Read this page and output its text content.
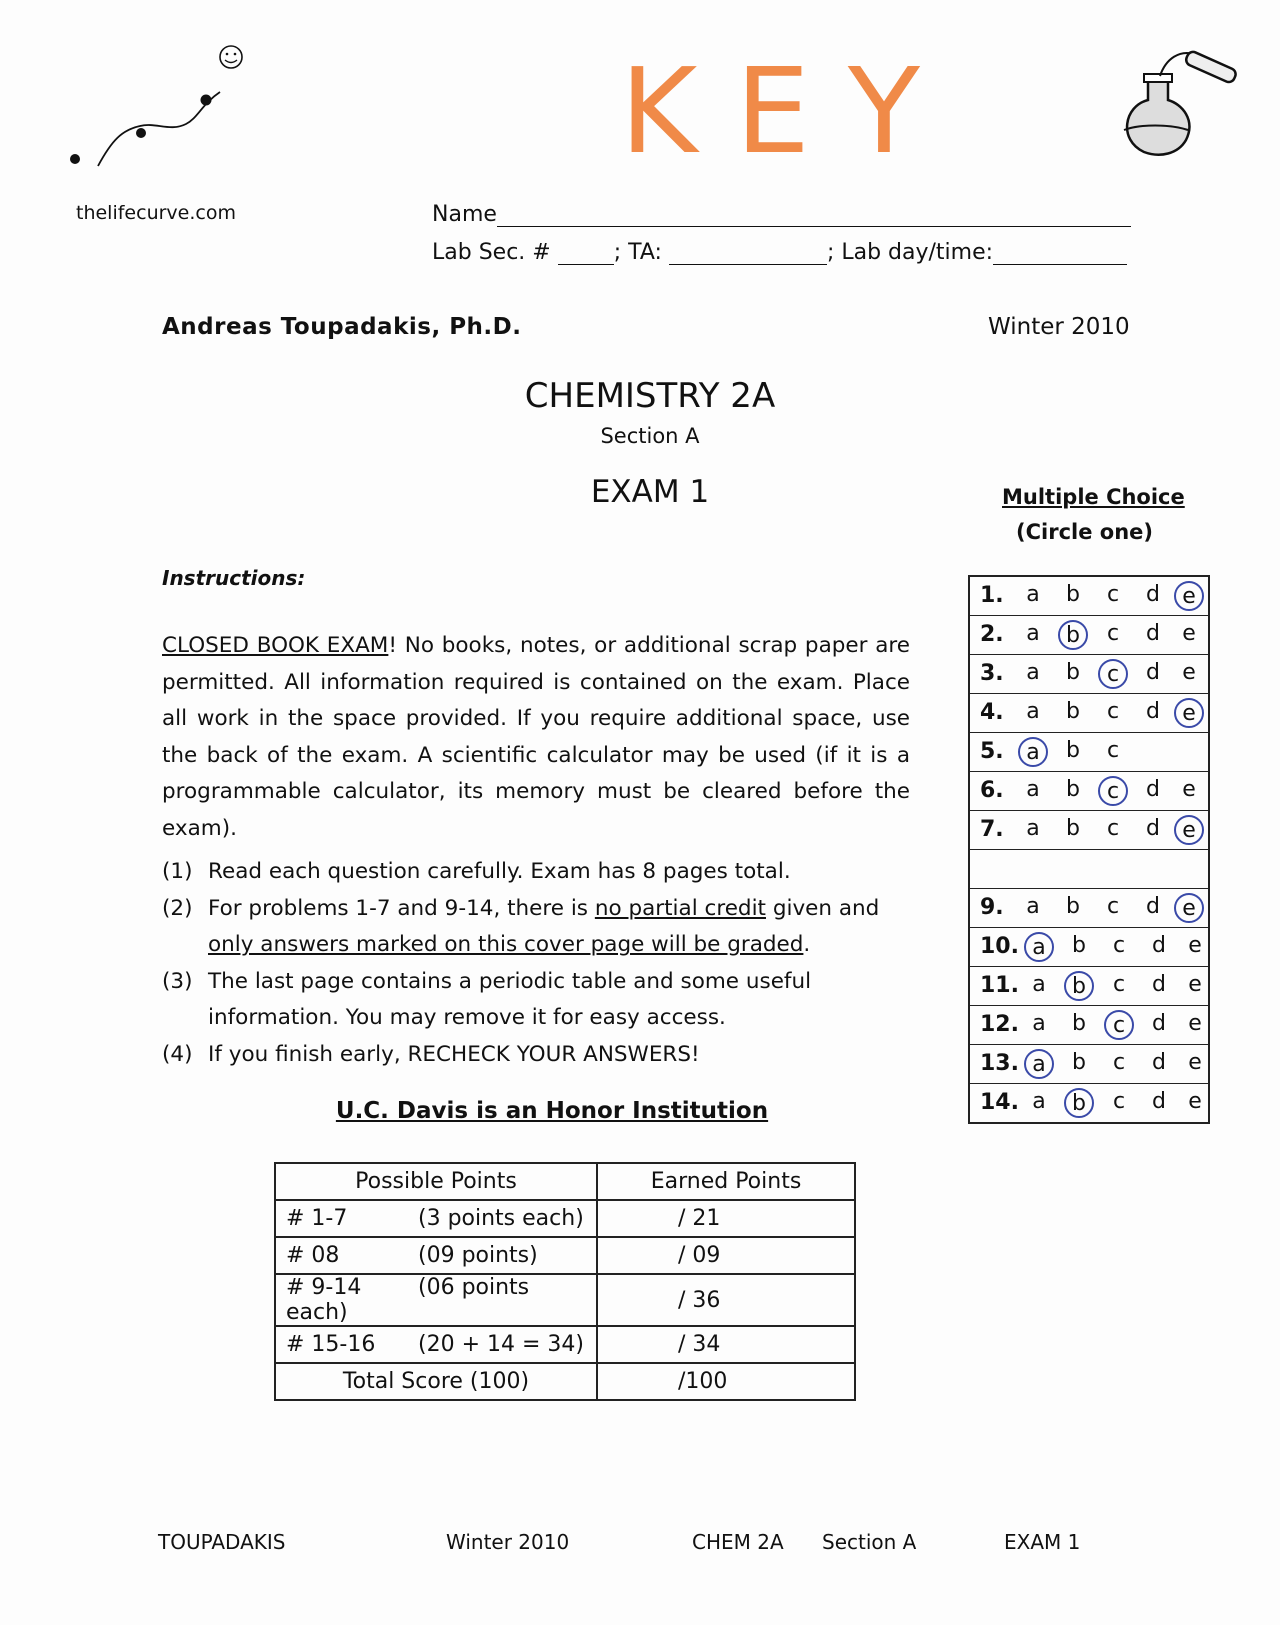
thelifecurve.com
KEY
Name
Lab Sec. #	; TA:	; Lab day/time:
Andreas Toupadakis, Ph.D.	Winter 2010
CHEMISTRY 2A
Section A
EXAM 1	Multiple Choice
(Circle one)
1.	a	b	c	d	e
2.	a	b	c	d	e
3.	a	b	c	d	e
4.	a	b	c	d	e
5.	a	b	c
6.	a	b	c	d	e
7.	a	b	c	d	e
9.	a	b	c	d	e
10. a	b	c	d	e
11. a	b	c	d	e
12. a	b	c	d	e
13. a	b	c	d	e
14. a	b	c	d	e
Instructions:
CLOSED BOOK EXAM! No books, notes, or additional scrap paper are permitted. All information required is contained on the exam. Place all work in the space provided. If you require additional space, use the back of the exam. A scientific calculator may be used (if it is a programmable calculator, its memory must be cleared before the exam).
(1) Read each question carefully. Exam has 8 pages total.
(2) For problems 1-7 and 9-14, there is no partial credit given and
only answers marked on this cover page will be graded.
(3) The last page contains a periodic table and some useful
information. You may remove it for easy access.
(4) If you finish early, RECHECK YOUR ANSWERS!
U.C. Davis is an Honor Institution
Possible Points	Earned Points
# 1-7 (3 points each)	/ 21
# 08 (09 points)	/ 09
# 9-14 (06 points each)	/ 36
# 15-16 (20 + 14 = 34)	/ 34
Total Score (100)	/100
TOUPADAKIS	Winter 2010	CHEM 2A Section A	EXAM 1
